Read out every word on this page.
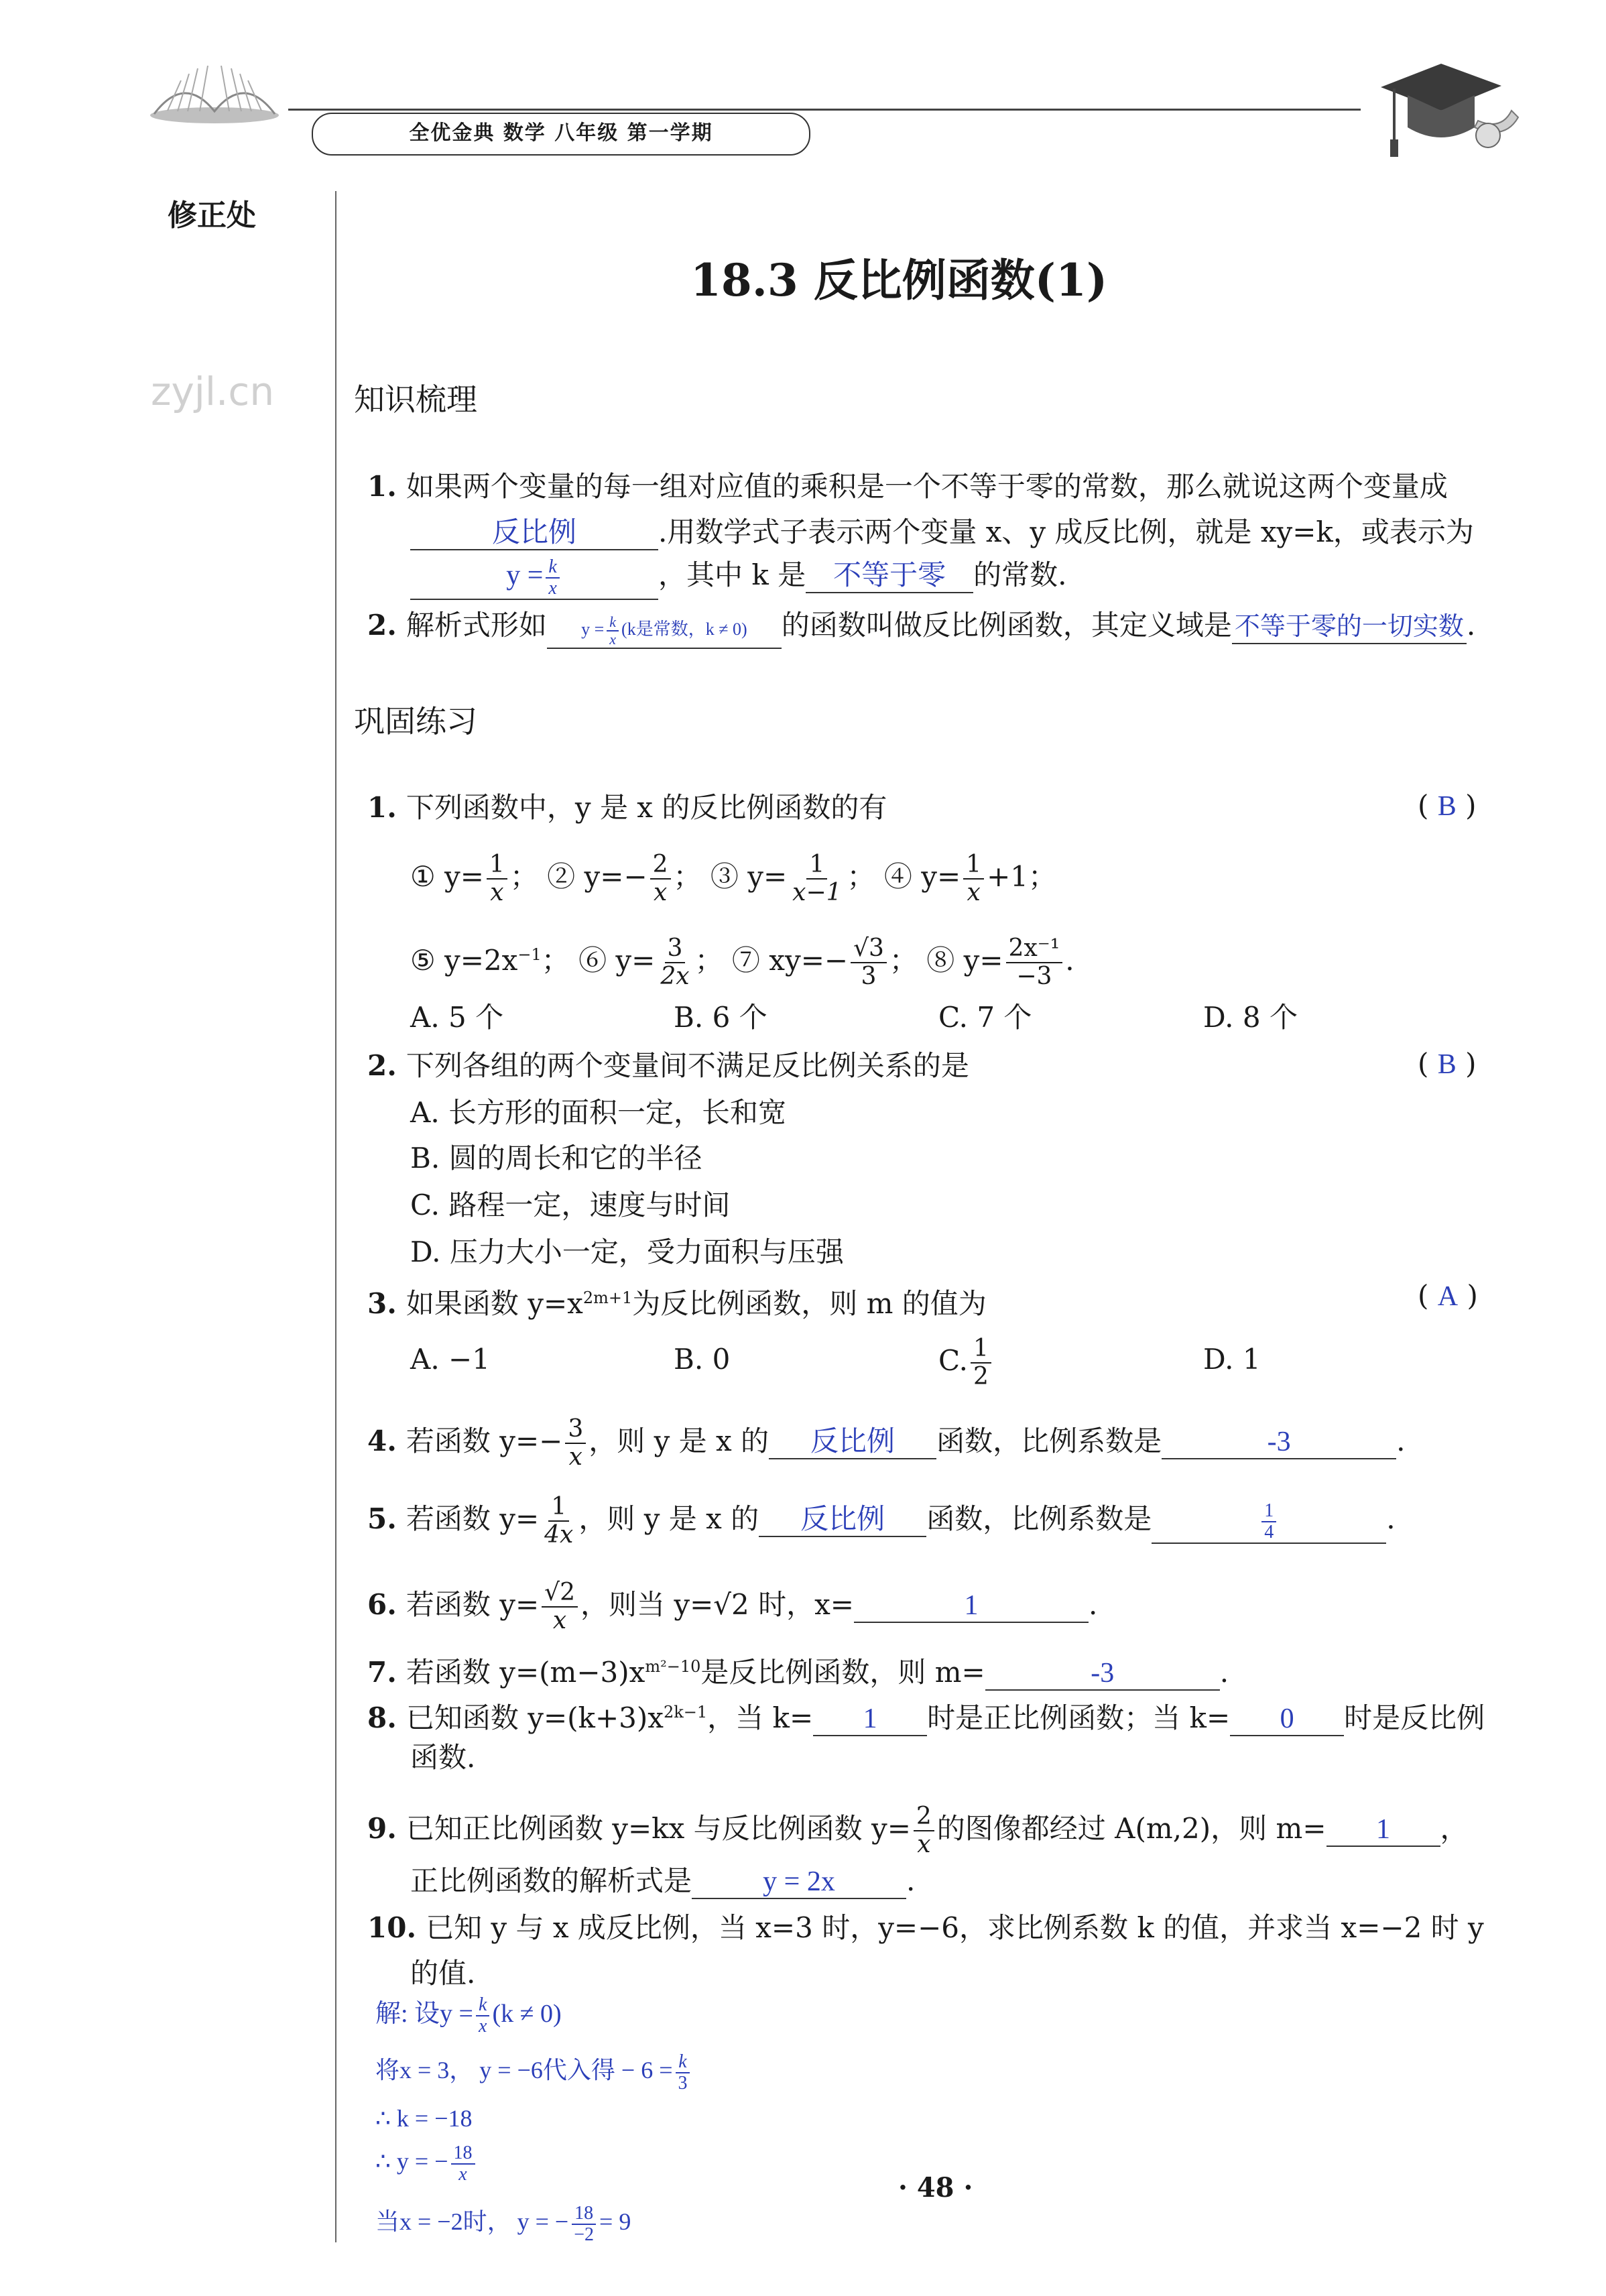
全优金典 数学 八年级 第一学期
修正处
zyjl.cn
18.3 反比例函数(1)
知识梳理
1. 如果两个变量的每一组对应值的乘积是一个不等于零的常数，那么就说这两个变量成
反比例	.用数学式子表示两个变量 x、y 成反比例，就是 xy=k，或表示为
$y = \frac{k}{x}$	，其中 k 是 不等于零 的常数.
2. 解析式形如 $y = \frac{k}{x} (k$是常数，k ≠ 0) 的函数叫做反比例函数，其定义域是 不等于零的一切实数.
巩固练习
1. 下列函数中，y 是 x 的反比例函数的有	( B )
① $y= \frac{1}{x}$ ； ② $y=- \frac{2}{x}$ ； ③ $y= \frac{1}{x-1}$ ； ④ $y= \frac{1}{x} +1$；
⑤ $y=2x^{-1}$； ⑥ $y= \frac{3}{2x}$ ； ⑦ $xy=- \frac{√3}{3}$ ； ⑧ $y= \frac{\text{2x⁻¹}}{-3}$ .
A. 5 个	B. 6 个	C. 7 个	D. 8 个
2. 下列各组的两个变量间不满足反比例关系的是	( B )
A. 长方形的面积一定，长和宽
B. 圆的周长和它的半径
C. 路程一定，速度与时间
D. 压力大小一定，受力面积与压强
3. 如果函数 $y=x^{2m+1}$为反比例函数，则 m 的值为	( A )
A. −1	B. 0	C. $\frac{1}{2}$	D. 1
4. 若函数 $y=- \frac{3}{x}$ ，则 y 是 x 的 反比例 函数，比例系数是	-3	.
5. 若函数 $y= \frac{1}{4x}$ ，则 y 是 x 的 反比例 函数，比例系数是	$\frac{1}{4}$	.
6. 若函数 $y= \frac{√2}{x}$ ，则当 y=√2 时，x=	1	.
7. 若函数 $y=(m-3)x^{m^2-10}$是反比例函数，则 m=	-3	.
8. 已知函数 $y=(k+3)x^{2k-1}$，当 k= 1 时是正比例函数；当 k= 0 时是反比例
函数.
9. 已知正比例函数 y=kx 与反比例函数 $y= \frac{2}{x}$ 的图像都经过 A(m,2)，则 m= 1 ，
正比例函数的解析式是	y = 2x	.
10. 已知 y 与 x 成反比例，当 x=3 时，y=−6，求比例系数 k 的值，并求当 x=−2 时 y
的值.
解: 设$y = \frac{k}{x} (k \ne 0)$
将x = 3， y = −6代入得 − $6 = \frac{k}{3}$
∴ k = −18
∴ y = − $\frac{18}{x}$
当x = −2时， y = − $\frac{18}{-2} = 9$
· 48 ·
